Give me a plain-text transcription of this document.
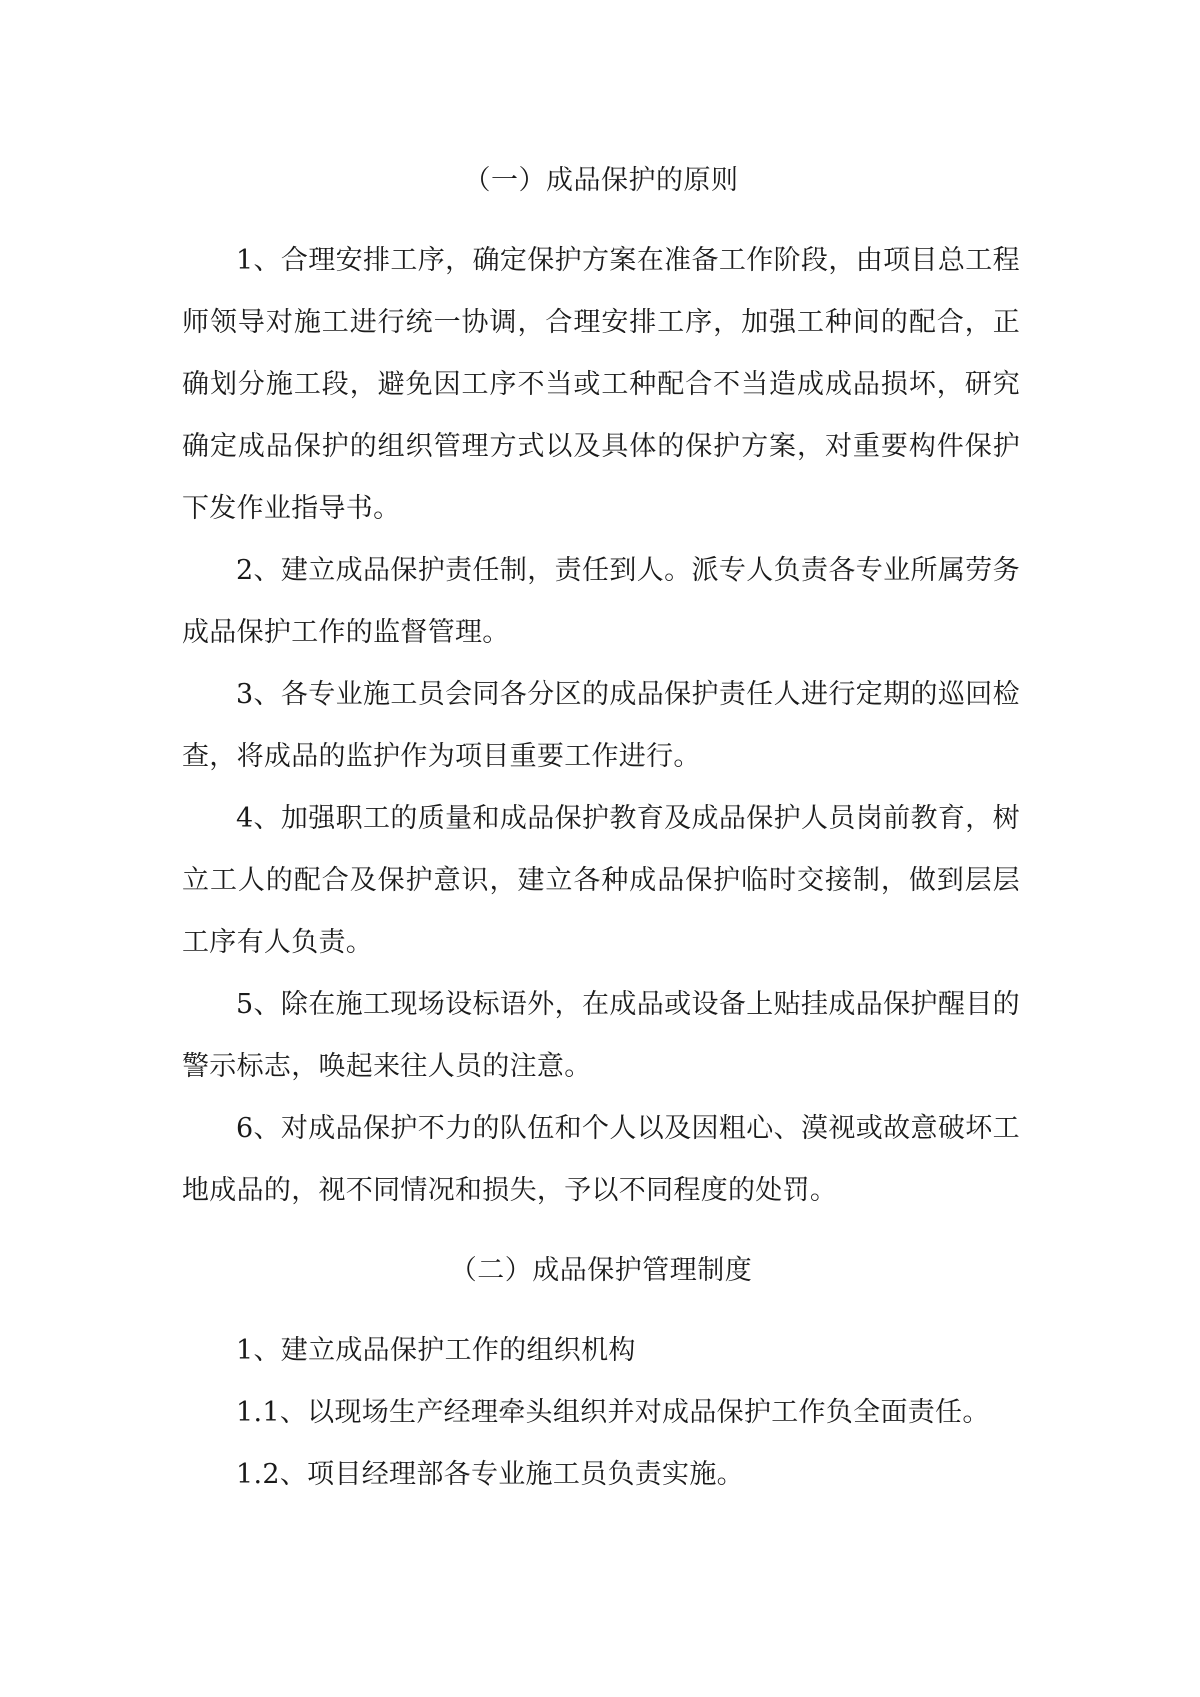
（一）成品保护的原则

1、合理安排工序，确定保护方案在准备工作阶段，由项目总工程师领导对施工进行统一协调，合理安排工序，加强工种间的配合，正确划分施工段，避免因工序不当或工种配合不当造成成品损坏，研究确定成品保护的组织管理方式以及具体的保护方案，对重要构件保护下发作业指导书。

2、建立成品保护责任制，责任到人。派专人负责各专业所属劳务成品保护工作的监督管理。

3、各专业施工员会同各分区的成品保护责任人进行定期的巡回检查，将成品的监护作为项目重要工作进行。

4、加强职工的质量和成品保护教育及成品保护人员岗前教育，树立工人的配合及保护意识，建立各种成品保护临时交接制，做到层层工序有人负责。

5、除在施工现场设标语外，在成品或设备上贴挂成品保护醒目的警示标志，唤起来往人员的注意。

6、对成品保护不力的队伍和个人以及因粗心、漠视或故意破坏工地成品的，视不同情况和损失，予以不同程度的处罚。

（二）成品保护管理制度

1、建立成品保护工作的组织机构

1.1、以现场生产经理牵头组织并对成品保护工作负全面责任。

1.2、项目经理部各专业施工员负责实施。
